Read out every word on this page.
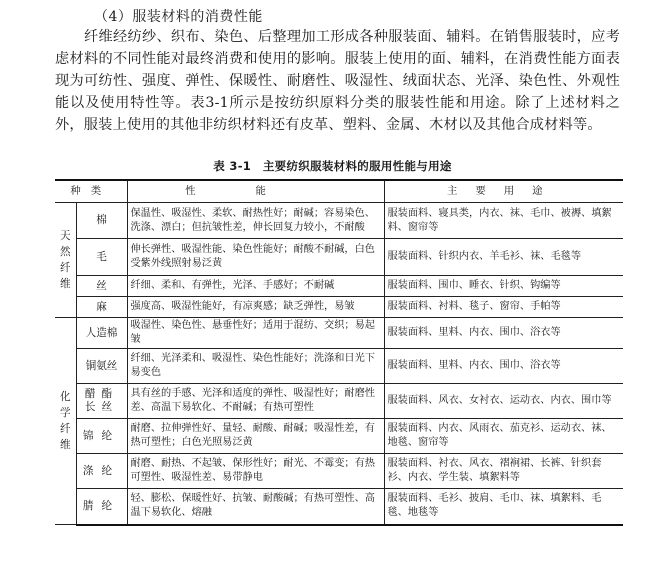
（4）服装材料的消费性能
纤维经纺纱、织布、染色、后整理加工形成各种服装面、辅料。在销售服装时，应考虑材料的不同性能对最终消费和使用的影响。服装上使用的面、辅料，在消费性能方面表现为可纺性、强度、弹性、保暖性、耐磨性、吸湿性、绒面状态、光泽、染色性、外观性能以及使用特性等。表3-1所示是按纺织原料分类的服装性能和用途。除了上述材料之外，服装上使用的其他非纺织材料还有皮革、塑料、金属、木材以及其他合成材料等。
表 3-1　主要纺织服装材料的服用性能与用途
种类		性能	主要用途
天然纤维	棉	保温性、吸湿性、柔软、耐热性好；耐碱；容易染色、洗涤、漂白；但抗皱性差，伸长回复力较小，不耐酸	服装面料、寝具类，内衣、袜、毛巾、被褥、填絮料、窗帘等
	毛	伸长弹性、吸湿性能、染色性能好；耐酸不耐碱，白色受紫外线照射易泛黄	服装面料、针织内衣、羊毛衫、袜、毛毯等
	丝	纤细、柔和、有弹性，光泽、手感好；不耐碱	服装面料、围巾、睡衣、针织、钩编等
	麻	强度高、吸湿性能好，有凉爽感；缺乏弹性，易皱	服装面料、衬料、毯子、窗帘、手帕等
化学纤维	人造棉	吸湿性、染色性、悬垂性好；适用于混纺、交织；易起皱	服装面料、里料、内衣、围巾、浴衣等
	铜氨丝	纤细、光泽柔和、吸湿性、染色性能好；洗涤和日光下易变色	服装面料、里料、内衣、围巾、浴衣等
	醋酯长丝	具有丝的手感、光泽和适度的弹性、吸湿性好；耐磨性差、高温下易软化、不耐碱；有热可塑性	服装面料、风衣、女衬衣、运动衣、内衣、围巾等
	锦纶	耐磨、拉伸弹性好、量轻、耐酸、耐碱；吸湿性差，有热可塑性；白色光照易泛黄	服装面料、内衣、风雨衣、茄克衫、运动衣、袜、地毯、窗帘等
	涤纶	耐磨、耐热、不起皱、保形性好；耐光、不霉变；有热可塑性、吸湿性差、易带静电	服装面料、衬衣、风衣、褶裥裙、长裤、针织套衫、内衣、学生装、填絮料等
	腈纶	轻、膨松、保暖性好、抗皱、耐酸碱；有热可塑性、高温下易软化、熔融	服装面料、毛衫、披肩、毛巾、袜、填絮料、毛毯、地毯等
